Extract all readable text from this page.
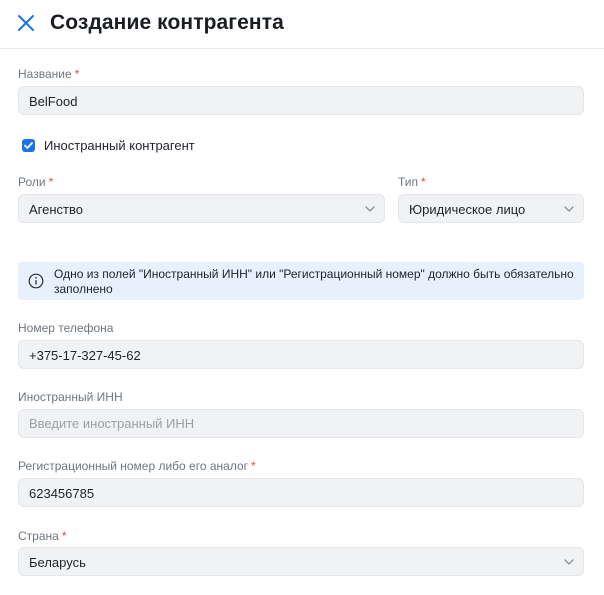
Создание контрагента
Название *
BelFood
Иностранный контрагент
Роли *
Агенство
Тип *
Юридическое лицо
Одно из полей "Иностранный ИНН" или "Регистрационный номер" должно быть обязательно
заполнено
Номер телефона
+375-17-327-45-62
Иностранный ИНН
Введите иностранный ИНН
Регистрационный номер либо его аналог *
623456785
Страна *
Беларусь
